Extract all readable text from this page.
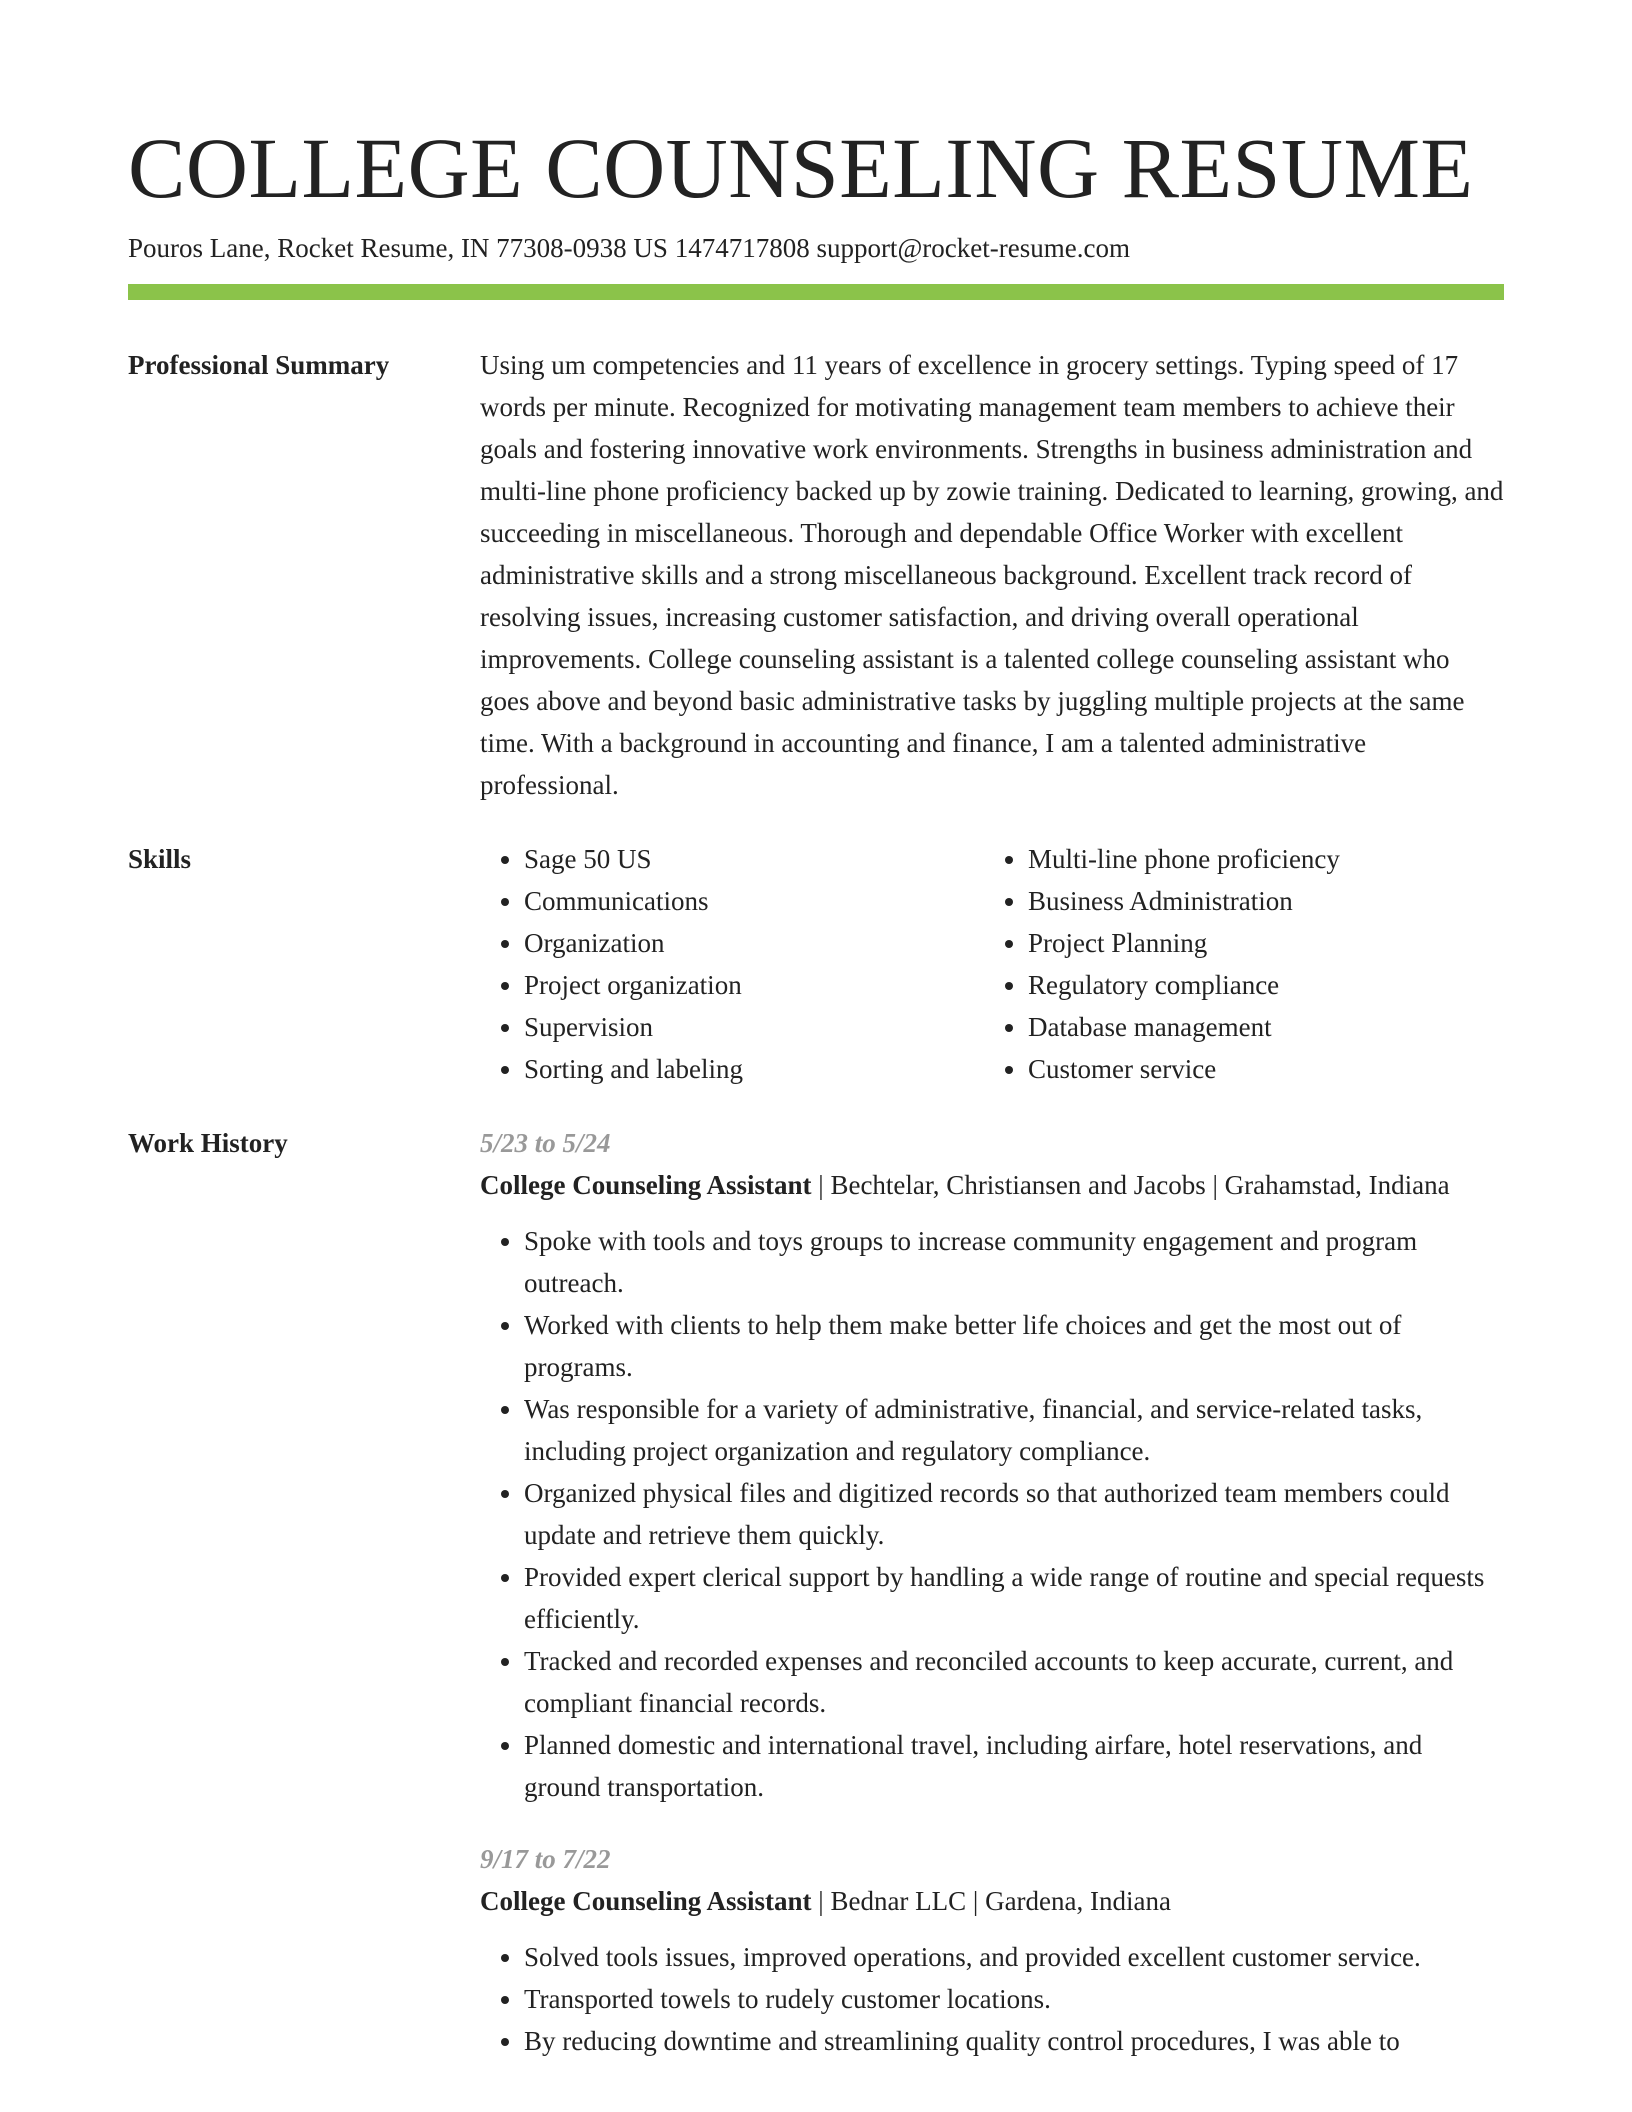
COLLEGE COUNSELING RESUME
Pouros Lane, Rocket Resume, IN 77308-0938 US 1474717808 support@rocket-resume.com
Professional Summary	Using um competencies and 11 years of excellence in grocery settings. Typing speed of 17 words per minute. Recognized for motivating management team members to achieve their goals and fostering innovative work environments. Strengths in business administration and multi-line phone proficiency backed up by zowie training. Dedicated to learning, growing, and succeeding in miscellaneous. Thorough and dependable Office Worker with excellent administrative skills and a strong miscellaneous background. Excellent track record of resolving issues, increasing customer satisfaction, and driving overall operational improvements. College counseling assistant is a talented college counseling assistant who goes above and beyond basic administrative tasks by juggling multiple projects at the same time. With a background in accounting and finance, I am a talented administrative professional.

Skills
•	Sage 50 US
• Communications
• Organization
• Project organization
• Supervision
• Sorting and labeling
• Multi-line phone proficiency
• Business Administration
• Project Planning
• Regulatory compliance
• Database management
• Customer service
Work History	5/23 to 5/24
College Counseling Assistant | Bechtelar, Christiansen and Jacobs | Grahamstad, Indiana
• Spoke with tools and toys groups to increase community engagement and program outreach.
• Worked with clients to help them make better life choices and get the most out of programs.
• Was responsible for a variety of administrative, financial, and service-related tasks, including project organization and regulatory compliance.
• Organized physical files and digitized records so that authorized team members could update and retrieve them quickly.
• Provided expert clerical support by handling a wide range of routine and special requests efficiently.
• Tracked and recorded expenses and reconciled accounts to keep accurate, current, and compliant financial records.
• Planned domestic and international travel, including airfare, hotel reservations, and ground transportation.
9/17 to 7/22
College Counseling Assistant | Bednar LLC | Gardena, Indiana
• Solved tools issues, improved operations, and provided excellent customer service.
• Transported towels to rudely customer locations.
• By reducing downtime and streamlining quality control procedures, I was able to
